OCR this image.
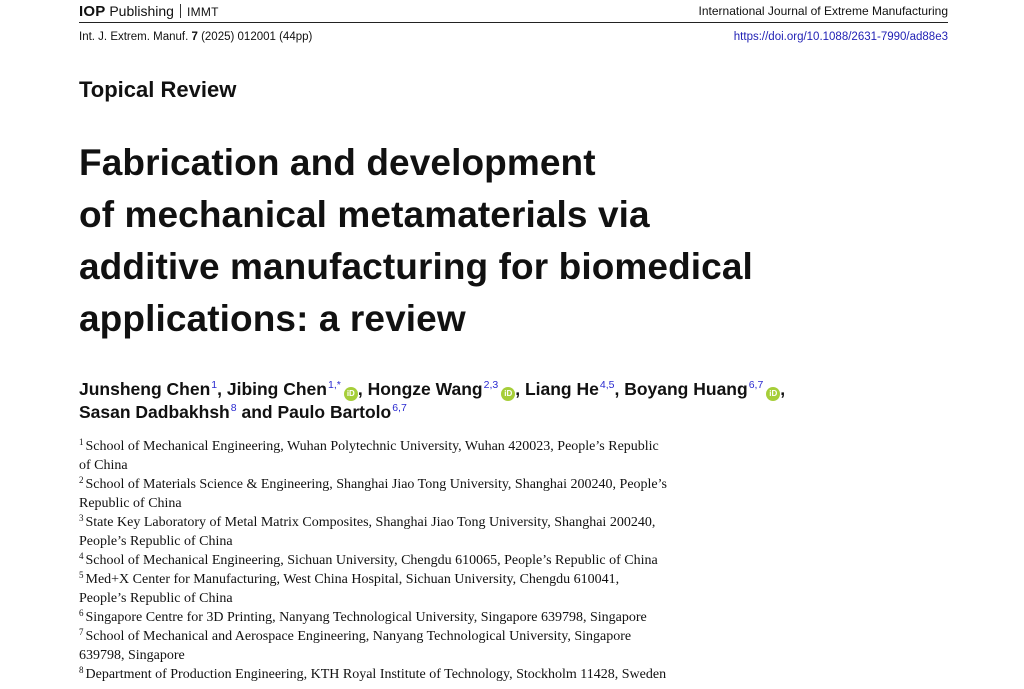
IOP Publishing IMMT	International Journal of Extreme Manufacturing
Int. J. Extrem. Manuf. 7 (2025) 012001 (44pp)	https://doi.org/10.1088/2631-7990/ad88e3
Topical Review
Fabrication and development
of mechanical metamaterials via
additive manufacturing for biomedical
applications: a review
Junsheng Chen$^1$, Jibing Chen$^{1,*}$iD , Hongze Wang$^{2,3}$iD , Liang He$^{4,5}$, Boyang Huang$^{6,7}$iD ,
Sasan Dadbakhsh$^8$ and Paulo Bartolo$^{6,7}$
$^1$ School of Mechanical Engineering, Wuhan Polytechnic University, Wuhan 420023, People’s Republic
of China
$^2$ School of Materials Science & Engineering, Shanghai Jiao Tong University, Shanghai 200240, People’s
Republic of China
$^3$ State Key Laboratory of Metal Matrix Composites, Shanghai Jiao Tong University, Shanghai 200240,
People’s Republic of China
$^4$ School of Mechanical Engineering, Sichuan University, Chengdu 610065, People’s Republic of China
$^5$ Med+X Center for Manufacturing, West China Hospital, Sichuan University, Chengdu 610041,
People’s Republic of China
$^6$ Singapore Centre for 3D Printing, Nanyang Technological University, Singapore 639798, Singapore
$^7$ School of Mechanical and Aerospace Engineering, Nanyang Technological University, Singapore
639798, Singapore
$^8$ Department of Production Engineering, KTH Royal Institute of Technology, Stockholm 11428, Sweden
